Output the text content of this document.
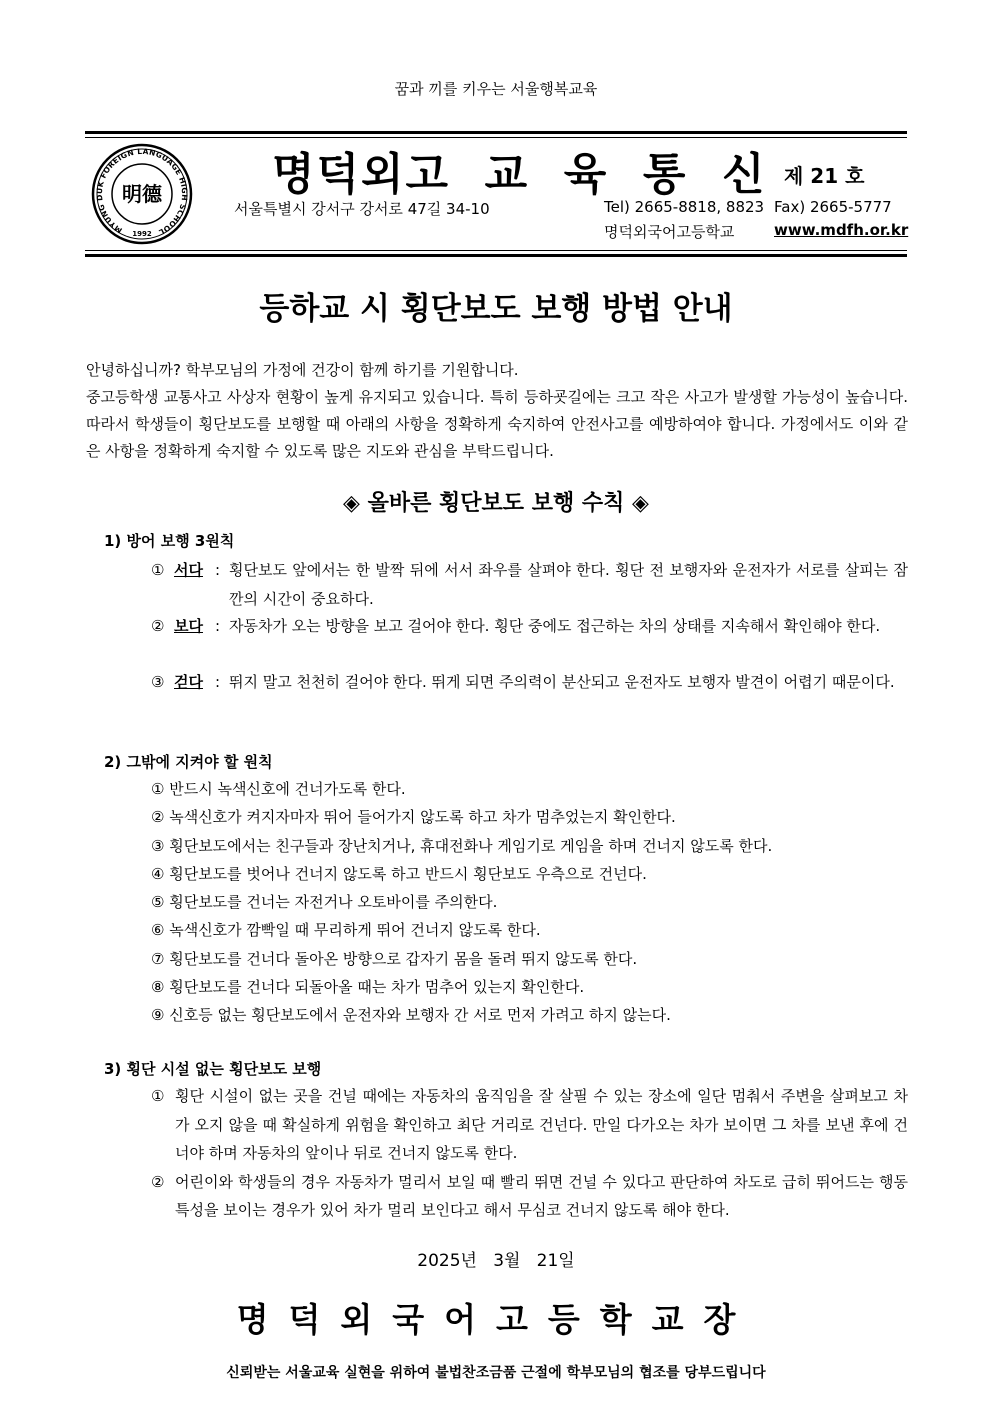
꿈과 끼를 키우는 서울행복교육
MYUNG DUK FOREIGN LANGUAGE HIGH SCHOOL
明德
1992
명덕외고  교  육  통  신 제 21 호
서울특별시 강서구 강서로 47길 34-10	Tel) 2665-8818, 8823 Fax) 2665-5777
명덕외국어고등학교	www.mdfh.or.kr
등하교 시 횡단보도 보행 방법 안내

안녕하십니까? 학부모님의 가정에 건강이 함께 하기를 기원합니다.

중고등학생 교통사고 사상자 현황이 높게 유지되고 있습니다. 특히 등하굣길에는 크고 작은 사고가 발생할 가능성이 높습니다. 따라서 학생들이 횡단보도를 보행할 때 아래의 사항을 정확하게 숙지하여 안전사고를 예방하여야 합니다. 가정에서도 이와 같은 사항을 정확하게 숙지할 수 있도록 많은 지도와 관심을 부탁드립니다.

◈ 올바른 횡단보도 보행 수칙 ◈
1) 방어 보행 3원칙
① 서다 : 횡단보도 앞에서는 한 발짝 뒤에 서서 좌우를 살펴야 한다. 횡단 전 보행자와 운전자가 서로를 살피는 잠깐의 시간이 중요하다.
② 보다 : 자동차가 오는 방향을 보고 걸어야 한다. 횡단 중에도 접근하는 차의 상태를 지속해서 확인해야 한다.
③ 걷다 : 뛰지 말고 천천히 걸어야 한다. 뛰게 되면 주의력이 분산되고 운전자도 보행자 발견이 어렵기 때문이다.
2) 그밖에 지켜야 할 원칙
① 반드시 녹색신호에 건너가도록 한다.
② 녹색신호가 켜지자마자 뛰어 들어가지 않도록 하고 차가 멈추었는지 확인한다.
③ 횡단보도에서는 친구들과 장난치거나, 휴대전화나 게임기로 게임을 하며 건너지 않도록 한다.
④ 횡단보도를 벗어나 건너지 않도록 하고 반드시 횡단보도 우측으로 건넌다.
⑤ 횡단보도를 건너는 자전거나 오토바이를 주의한다.
⑥ 녹색신호가 깜빡일 때 무리하게 뛰어 건너지 않도록 한다.
⑦ 횡단보도를 건너다 돌아온 방향으로 갑자기 몸을 돌려 뛰지 않도록 한다.
⑧ 횡단보도를 건너다 되돌아올 때는 차가 멈추어 있는지 확인한다.
⑨ 신호등 없는 횡단보도에서 운전자와 보행자 간 서로 먼저 가려고 하지 않는다.
3) 횡단 시설 없는 횡단보도 보행
① 횡단 시설이 없는 곳을 건널 때에는 자동차의 움직임을 잘 살필 수 있는 장소에 일단 멈춰서 주변을 살펴보고 차가 오지 않을 때 확실하게 위험을 확인하고 최단 거리로 건넌다. 만일 다가오는 차가 보이면 그 차를 보낸 후에 건너야 하며 자동차의 앞이나 뒤로 건너지 않도록 한다.
② 어린이와 학생들의 경우 자동차가 멀리서 보일 때 빨리 뛰면 건널 수 있다고 판단하여 차도로 급히 뛰어드는 행동 특성을 보이는 경우가 있어 차가 멀리 보인다고 해서 무심코 건너지 않도록 해야 한다.
2025년   3월   21일
명덕외국어고등학교장
신뢰받는 서울교육 실현을 위하여 불법찬조금품 근절에 학부모님의 협조를 당부드립니다
